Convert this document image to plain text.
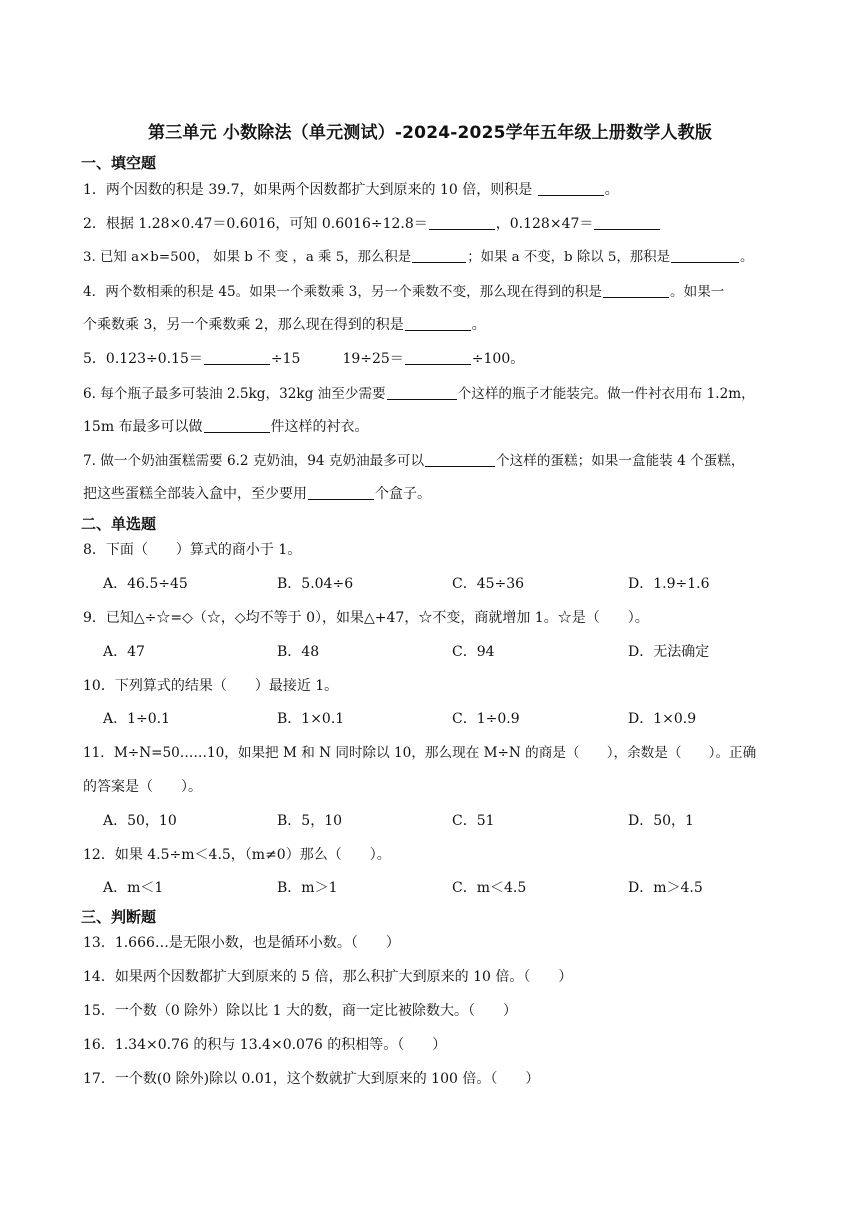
第三单元 小数除法（单元测试）-2024-2025学年五年级上册数学人教版
一、填空题
1．两个因数的积是 39.7，如果两个因数都扩大到原来的 10 倍，则积是	。
2．根据 1.28×0.47＝0.6016，可知 0.6016÷12.8＝	，0.128×47＝
3. 已知 a×b=500， 如果 b 不 变 ，a 乘 5，那么积是	；如果 a 不变，b 除以 5，那积是	。
4．两个数相乘的积是 45。如果一个乘数乘 3，另一个乘数不变，那么现在得到的积是	。如果一
个乘数乘 3，另一个乘数乘 2，那么现在得到的积是	。
5．0.123÷0.15＝	÷15	19÷25＝	÷100。
6. 每个瓶子最多可装油 2.5kg，32kg 油至少需要	个这样的瓶子才能装完。做一件衬衣用布 1.2m，
15m 布最多可以做	件这样的衬衣。
7. 做一个奶油蛋糕需要 6.2 克奶油，94 克奶油最多可以	个这样的蛋糕；如果一盒能装 4 个蛋糕，
把这些蛋糕全部装入盒中，至少要用	个盒子。
二、单选题
8．下面（　　）算式的商小于 1。
A．46.5÷45	B．5.04÷6	C．45÷36	D．1.9÷1.6
9．已知△÷☆=◇（☆，◇均不等于 0），如果△+47，☆不变，商就增加 1。☆是（　　）。
A．47	B．48	C．94	D．无法确定
10．下列算式的结果（　　）最接近 1。
A．1÷0.1	B．1×0.1	C．1÷0.9	D．1×0.9
11．M÷N=50……10，如果把 M 和 N 同时除以 10，那么现在 M÷N 的商是（　　），余数是（　　）。正确
的答案是（　　）。
A．50，10	B．5，10	C．51	D．50，1
12．如果 4.5÷m＜4.5，（m≠0）那么（　　）。
A．m＜1	B．m＞1	C．m＜4.5	D．m＞4.5
三、判断题
13．1.666…是无限小数，也是循环小数。（　　）
14．如果两个因数都扩大到原来的 5 倍，那么积扩大到原来的 10 倍。（　　）
15．一个数（0 除外）除以比 1 大的数，商一定比被除数大。（　　）
16．1.34×0.76 的积与 13.4×0.076 的积相等。（　　）
17．一个数(0 除外)除以 0.01，这个数就扩大到原来的 100 倍。（　　）
